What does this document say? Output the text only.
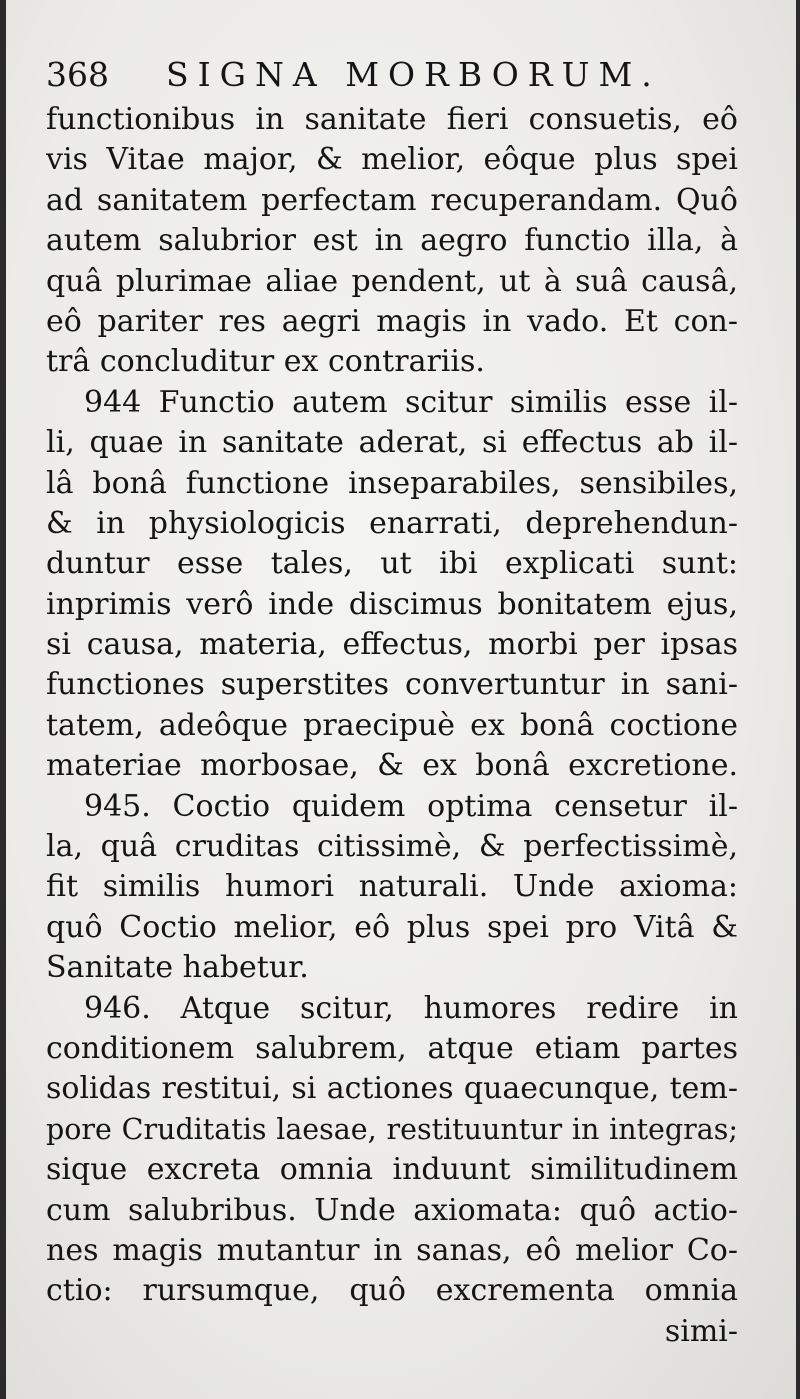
368 SIGNA MORBORUM.
functionibus in sanitate fieri consuetis, eô
vis Vitae major, & melior, eôque plus spei
ad sanitatem perfectam recuperandam. Quô
autem salubrior est in aegro functio illa, à
quâ plurimae aliae pendent, ut à suâ causâ,
eô pariter res aegri magis in vado. Et con-
trâ concluditur ex contrariis.
944 Functio autem scitur similis esse il-
li, quae in sanitate aderat, si effectus ab il-
lâ bonâ functione inseparabiles, sensibiles,
& in physiologicis enarrati, deprehendun-
duntur esse tales, ut ibi explicati sunt:
inprimis verô inde discimus bonitatem ejus,
si causa, materia, effectus, morbi per ipsas
functiones superstites convertuntur in sani-
tatem, adeôque praecipuè ex bonâ coctione
materiae morbosae, & ex bonâ excretione.
945. Coctio quidem optima censetur il-
la, quâ cruditas citissimè, & perfectissimè,
fit similis humori naturali. Unde axioma:
quô Coctio melior, eô plus spei pro Vitâ &
Sanitate habetur.
946. Atque scitur, humores redire in
conditionem salubrem, atque etiam partes
solidas restitui, si actiones quaecunque, tem-
pore Cruditatis laesae, restituuntur in integras;
sique excreta omnia induunt similitudinem
cum salubribus. Unde axiomata: quô actio-
nes magis mutantur in sanas, eô melior Co-
ctio: rursumque, quô excrementa omnia
simi-
